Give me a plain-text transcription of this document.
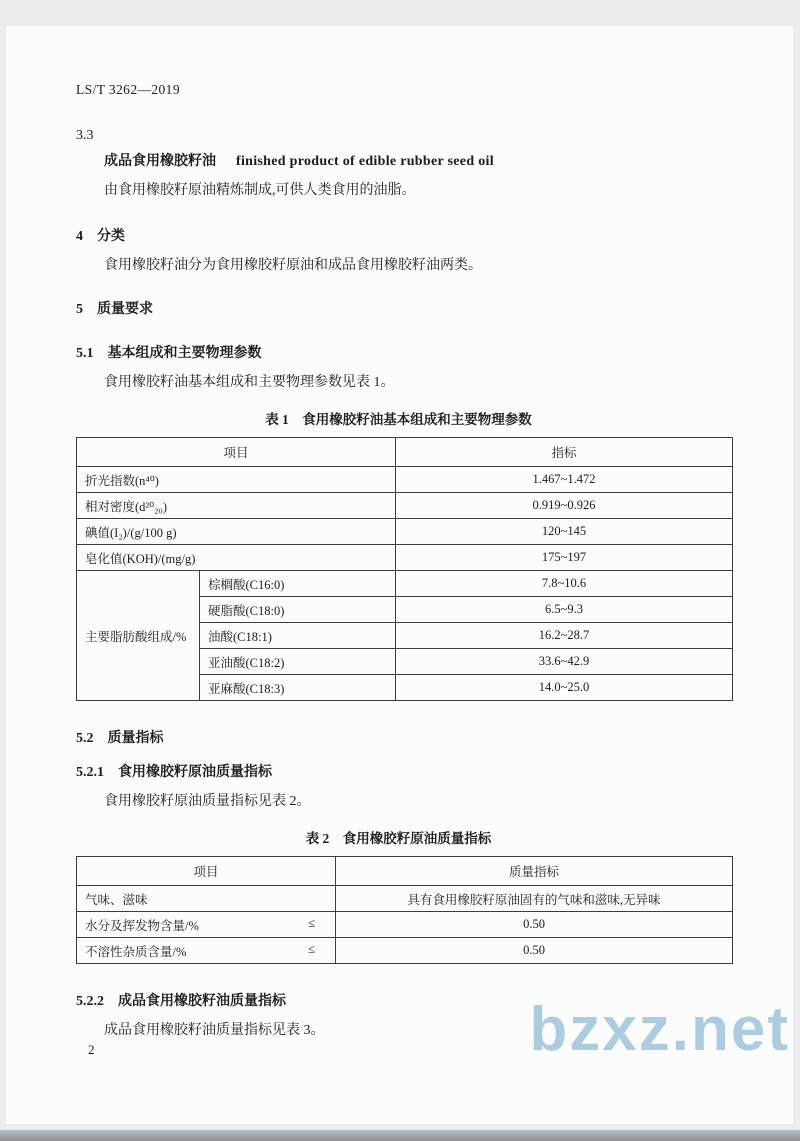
LS/T 3262—2019
3.3

成品食用橡胶籽油 finished product of edible rubber seed oil

由食用橡胶籽原油精炼制成,可供人类食用的油脂。

4 分类

食用橡胶籽油分为食用橡胶籽原油和成品食用橡胶籽油两类。

5 质量要求
5.1 基本组成和主要物理参数

食用橡胶籽油基本组成和主要物理参数见表 1。

表 1　食用橡胶籽油基本组成和主要物理参数
项目		指标
折光指数(n⁴⁰)		1.467~1.472
相对密度(d²⁰₂₀)		0.919~0.926
碘值(I₂)/(g/100 g)		120~145
皂化值(KOH)/(mg/g)		175~197
主要脂肪酸组成/%	棕榈酸(C16:0)	7.8~10.6
	硬脂酸(C18:0)	6.5~9.3
	油酸(C18:1)	16.2~28.7
	亚油酸(C18:2)	33.6~42.9
	亚麻酸(C18:3)	14.0~25.0
5.2 质量指标
5.2.1 食用橡胶籽原油质量指标

食用橡胶籽原油质量指标见表 2。

表 2　食用橡胶籽原油质量指标
项目	质量指标
气味、滋味	具有食用橡胶籽原油固有的气味和滋味,无异味
水分及挥发物含量/% ≤	0.50
不溶性杂质含量/% ≤	0.50
5.2.2 成品食用橡胶籽油质量指标

成品食用橡胶籽油质量指标见表 3。

2	bzxz.net
